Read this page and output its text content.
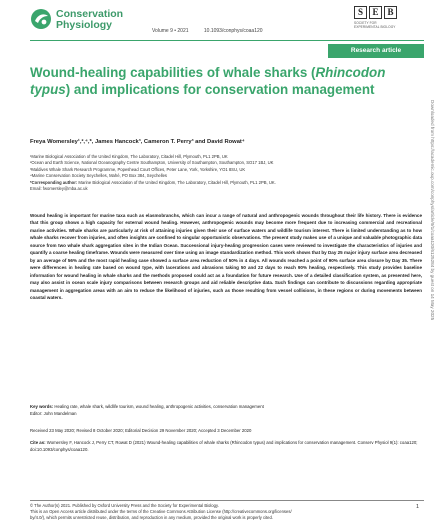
Conservation
Physiology
Volume 9 • 2021	10.1093/conphys/coaa120
S	E B
SOCIETY FOR
EXPERIMENTAL BIOLOGY
Research article
Wound-healing capabilities of whale sharks (Rhincodon typus) and implications for conservation management
Freya Womersley¹,²,⁴,*, James Hancock³, Cameron T. Perry³ and David Rowat⁴
¹Marine Biological Association of the United Kingdom, The Laboratory, Citadel Hill, Plymouth, PL1 2PB, UK
²Ocean and Earth Science, National Oceanography Centre Southampton, University of Southampton, Southampton, SO17 1BJ, UK
³Maldives Whale Shark Research Programme, Popeshead Court Offices, Peter Lane, York, Yorkshire, YO1 8SU, UK
⁴Marine Conservation Society Seychelles, Mahé, PO Box 384, Seychelles
*Corresponding author: Marine Biological Association of the United Kingdom, The Laboratory, Citadel Hill, Plymouth, PL1 2PB, UK.
Email: fwomersley@mba.ac.uk

Wound healing is important for marine taxa such as elasmobranchs, which can incur a range of natural and anthropogenic wounds throughout their life history. There is evidence that this group shows a high capacity for external wound healing. However, anthropogenic wounds may become more frequent due to increasing commercial and recreational marine activities. Whale sharks are particularly at risk of attaining injuries given their use of surface waters and wildlife tourism interest. There is limited understanding as to how whale sharks recover from injuries, and often insights are confined to singular opportunistic observations. The present study makes use of a unique and valuable photographic data source from two whale shark aggregation sites in the Indian Ocean. Successional injury-healing progression cases were reviewed to investigate the characteristics of injuries and quantify a coarse healing timeframe. Wounds were measured over time using an image standardization method. This work shows that by Day 25 major injury surface area decreased by an average of 56% and the most rapid healing case showed a surface area reduction of 50% in 4 days. All wounds reached a point of 90% surface area closure by Day 35. There were differences in healing rate based on wound type, with lacerations and abrasions taking 50 and 22 days to reach 90% healing, respectively. This study provides baseline information for wound healing in whale sharks and the methods proposed could act as a foundation for future research. Use of a detailed classification system, as presented here, may also assist in ocean scale injury comparisons between research groups and aid reliable descriptive data. Such findings can contribute to discussions regarding appropriate management in aggregation areas with an aim to reduce the likelihood of injuries, such as those resulting from vessel collisions, in these regions or during movements between coastal waters.

Key words: Healing rate, whale shark, wildlife tourism, wound healing, anthropogenic activities, conservation management
Editor: John Mandelman
Received 23 May 2020; Revised 8 October 2020; Editorial Decision 29 November 2020; Accepted 3 December 2020
Cite as: Womersley F, Hancock J, Perry CT, Rowat D (2021) Wound-healing capabilities of whale sharks (Rhincodon typus) and implications for conservation management. Conserv Physiol 9(1): coaa120; doi:10.1093/conphys/coaa120.
© The Author(s) 2021. Published by Oxford University Press and the Society for Experimental Biology.
This is an Open Access article distributed under the terms of the Creative Commons Attribution License (http://creativecommons.org/licenses/
by/4.0/), which permits unrestricted reuse, distribution, and reproduction in any medium, provided the original work is properly cited.
1
Downloaded from https://academic.oup.com/conphys/article/9/1/coaa120/6125284 by guest on 14 May 2025
